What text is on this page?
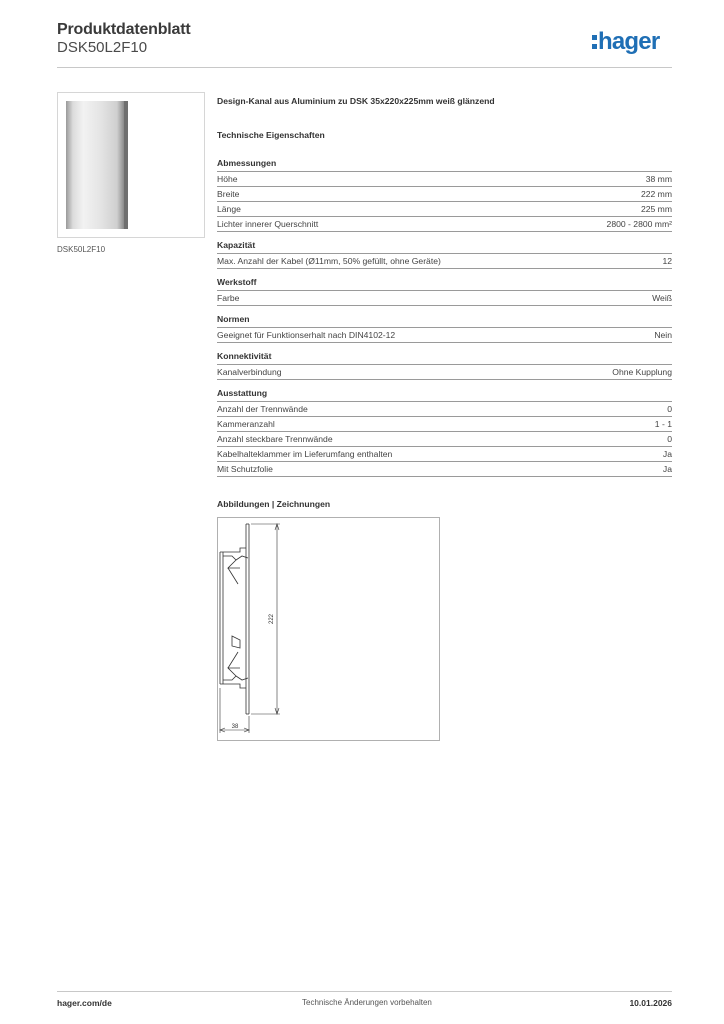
Produktdatenblatt
DSK50L2F10	hager
DSK50L2F10
Design-Kanal aus Aluminium zu DSK 35x220x225mm weiß glänzend
Technische Eigenschaften
Abmessungen
Höhe	38 mm
Breite	222 mm
Länge	225 mm
Lichter innerer Querschnitt	2800 - 2800 mm²
Kapazität
Max. Anzahl der Kabel (Ø11mm, 50% gefüllt, ohne Geräte)	12
Werkstoff
Farbe	Weiß
Normen
Geeignet für Funktionserhalt nach DIN4102-12	Nein
Konnektivität
Kanalverbindung	Ohne Kupplung
Ausstattung
Anzahl der Trennwände	0
Kammeranzahl	1 - 1
Anzahl steckbare Trennwände	0
Kabelhalteklammer im Lieferumfang enthalten	Ja
Mit Schutzfolie	Ja
Abbildungen | Zeichnungen
222
38
hager.com/de	Technische Änderungen vorbehalten	10.01.2026
